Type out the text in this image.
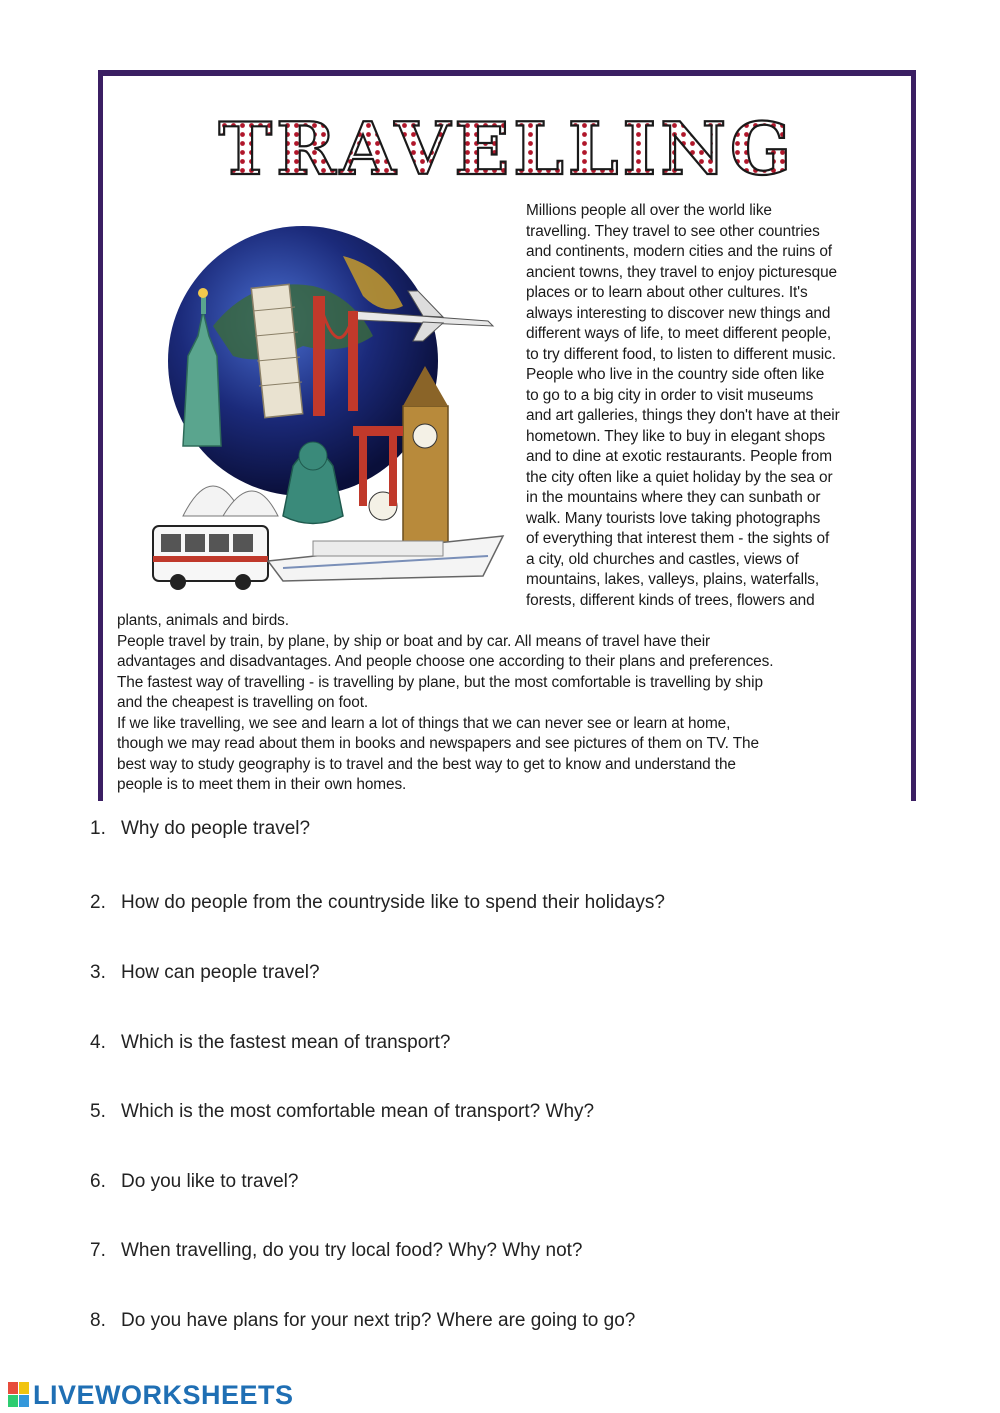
TRAVELLING
Millions people all over the world like
travelling. They travel to see other countries
and continents, modern cities and the ruins of
ancient towns, they travel to enjoy picturesque
places or to learn about other cultures. It's
always interesting to discover new things and
different ways of life, to meet different people,
to try different food, to listen to different music.
People who live in the country side often like
to go to a big city in order to visit museums
and art galleries, things they don't have at their
hometown. They like to buy in elegant shops
and to dine at exotic restaurants. People from
the city often like a quiet holiday by the sea or
in the mountains where they can sunbath or
walk. Many tourists love taking photographs
of everything that interest them - the sights of
a city, old churches and castles, views of
mountains, lakes, valleys, plains, waterfalls,
forests, different kinds of trees, flowers and
plants, animals and birds.
People travel by train, by plane, by ship or boat and by car. All means of travel have their
advantages and disadvantages. And people choose one according to their plans and preferences.
The fastest way of travelling - is travelling by plane, but the most comfortable is travelling by ship
and the cheapest is travelling on foot.
If we like travelling, we see and learn a lot of things that we can never see or learn at home,
though we may read about them in books and newspapers and see pictures of them on TV. The
best way to study geography is to travel and the best way to get to know and understand the
people is to meet them in their own homes.
1. Why do people travel?
2. How do people from the countryside like to spend their holidays?
3. How can people travel?
4. Which is the fastest mean of transport?
5. Which is the most comfortable mean of transport? Why?
6. Do you like to travel?
7. When travelling, do you try local food? Why? Why not?
8. Do you have plans for your next trip? Where are going to go?
LIVEWORKSHEETS
